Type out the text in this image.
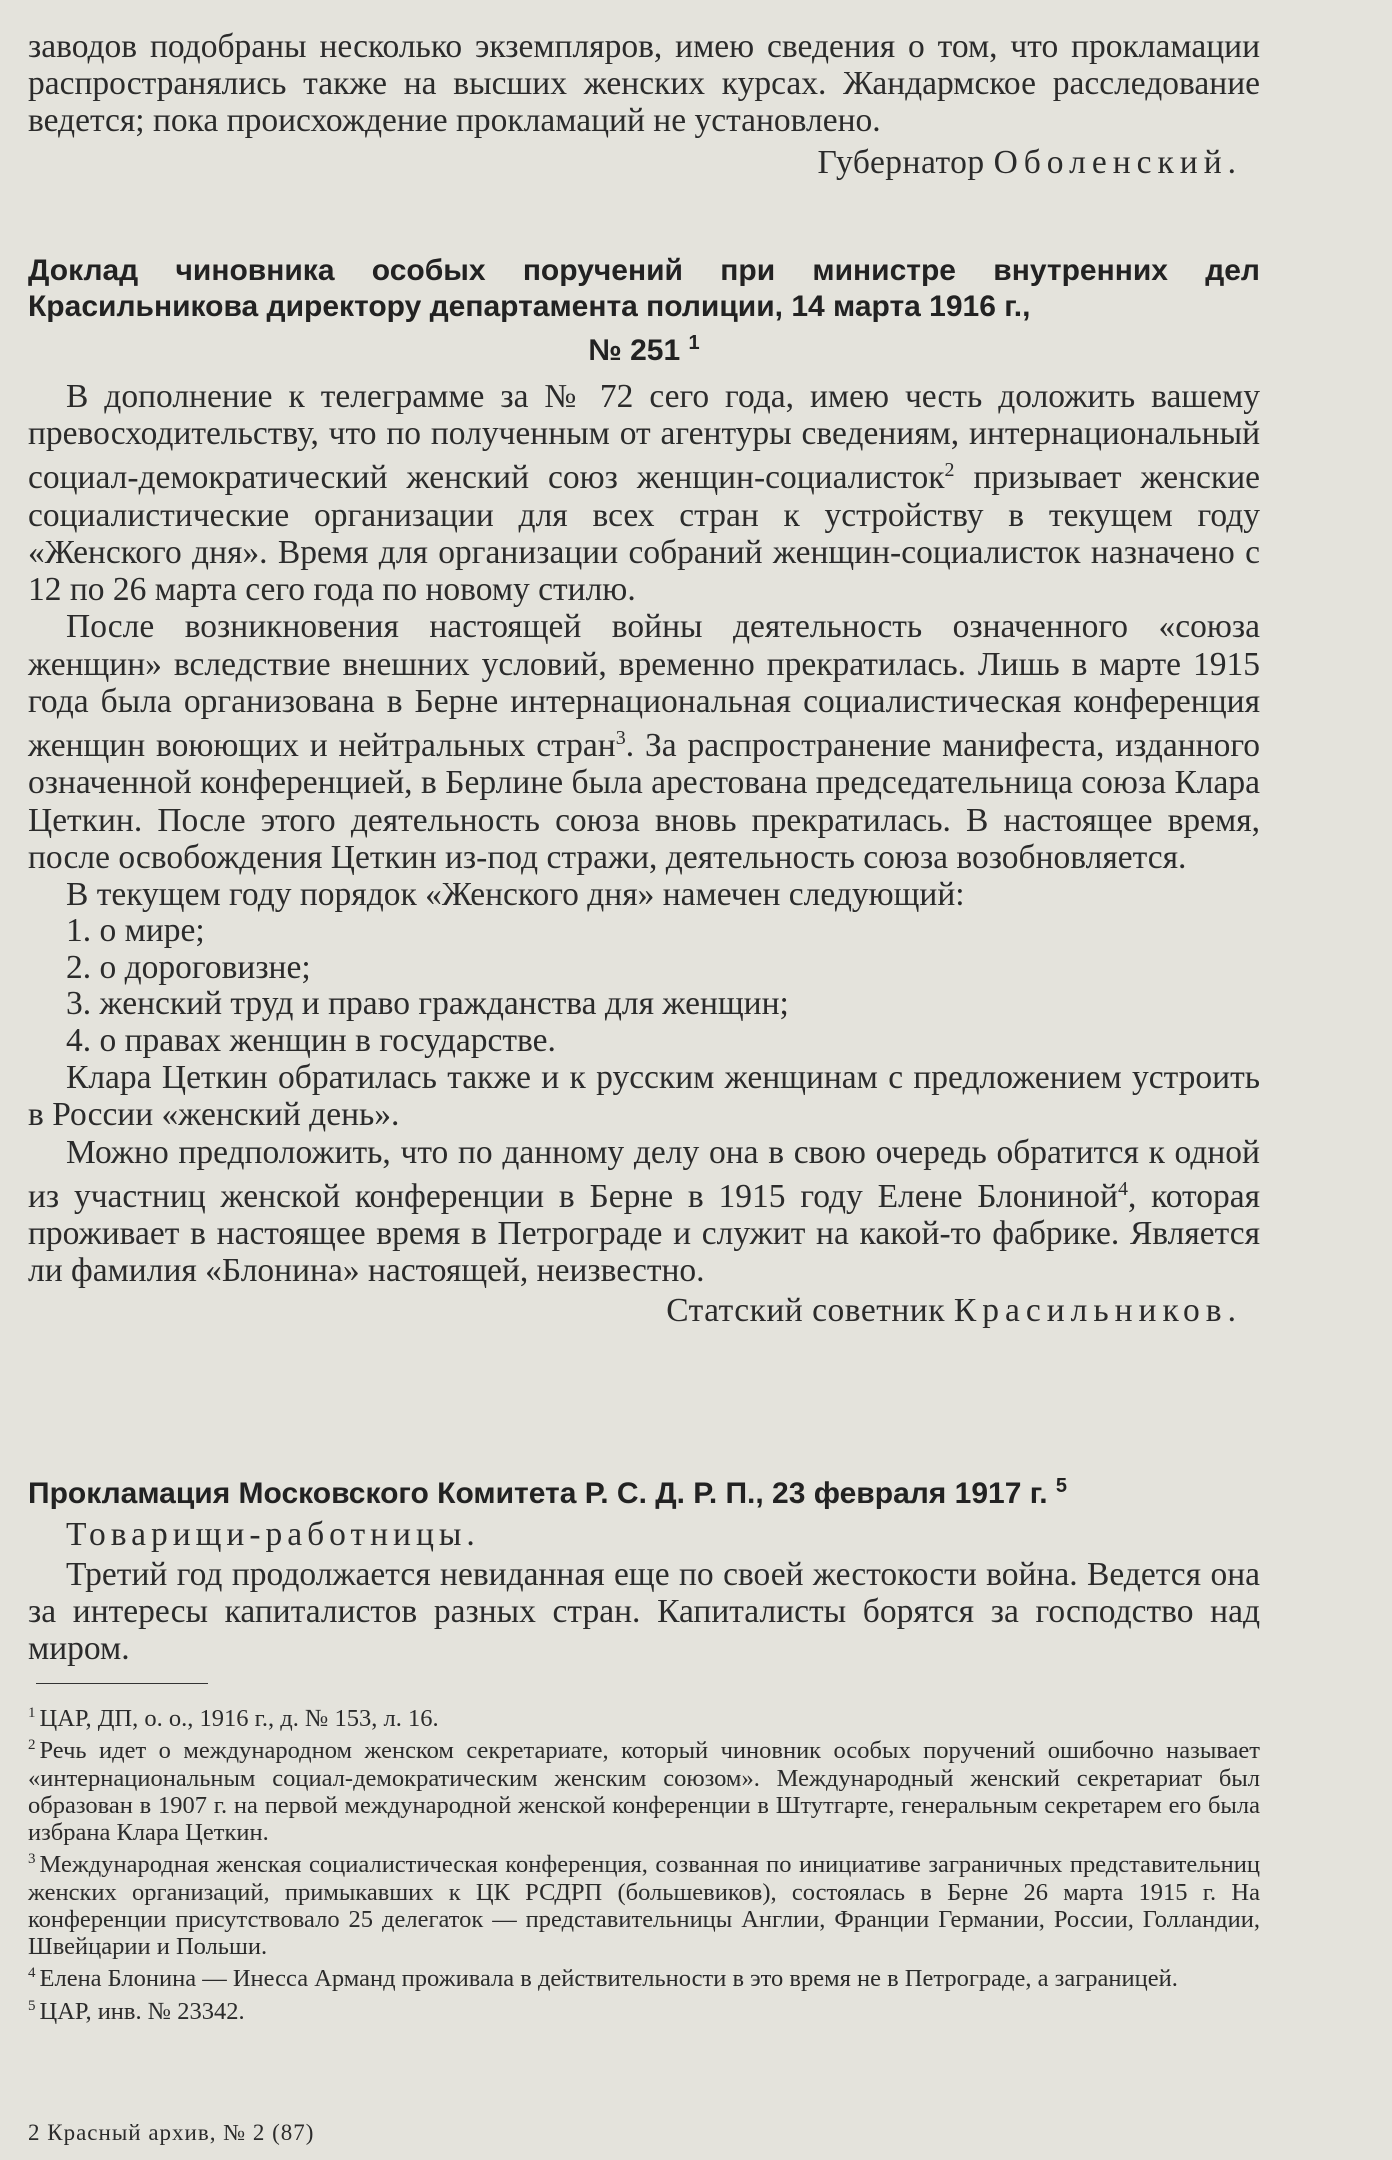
заводов подобраны несколько экземпляров, имею сведения о том, что прокламации распространялись также на высших женских курсах. Жандармское расследование ведется; пока происхождение прокламаций не установлено.

Губернатор Оболенский.

Доклад чиновника особых поручений при министре внутренних дел Красильникова директору департамента полиции, 14 марта 1916 г.,
№ 251 $^1$

В дополнение к телеграмме за № 72 сего года, имею честь доложить вашему превосходительству, что по полученным от агентуры сведениям, интернациональный социал-демократический женский союз женщин-социалисток$^2$ призывает женские социалистические организации для всех стран к устройству в текущем году «Женского дня». Время для организации собраний женщин-социалисток назначено с 12 по 26 марта сего года по новому стилю.

После возникновения настоящей войны деятельность означенного «союза женщин» вследствие внешних условий, временно прекратилась. Лишь в марте 1915 года была организована в Берне интернациональная социалистическая конференция женщин воюющих и нейтральных стран$^3$. За распространение манифеста, изданного означенной конференцией, в Берлине была арестована председательница союза Клара Цеткин. После этого деятельность союза вновь прекратилась. В настоящее время, после освобождения Цеткин из-под стражи, деятельность союза возобновляется.

В текущем году порядок «Женского дня» намечен следующий:

1. о мире;
2. о дороговизне;
3. женский труд и право гражданства для женщин;
4. о правах женщин в государстве.

Клара Цеткин обратилась также и к русским женщинам с предложением устроить в России «женский день».

Можно предположить, что по данному делу она в свою очередь обратится к одной из участниц женской конференции в Берне в 1915 году Елене Блониной$^4$, которая проживает в настоящее время в Петрограде и служит на какой-то фабрике. Является ли фамилия «Блонина» настоящей, неизвестно.

Статский советник Красильников.

Прокламация Московского Комитета Р. С. Д. Р. П., 23 февраля 1917 г. $^5$

Товарищи-работницы.

Третий год продолжается невиданная еще по своей жестокости война. Ведется она за интересы капиталистов разных стран. Капиталисты борятся за господство над миром.

$^1$ ЦАР, ДП, о. о., 1916 г., д. № 153, л. 16.

$^2$ Речь идет о международном женском секретариате, который чиновник особых поручений ошибочно называет «интернациональным социал-демократическим женским союзом». Международный женский секретариат был образован в 1907 г. на первой международной женской конференции в Штутгарте, генеральным секретарем его была избрана Клара Цеткин.

$^3$ Международная женская социалистическая конференция, созванная по инициативе заграничных представительниц женских организаций, примыкавших к ЦК РСДРП (большевиков), состоялась в Берне 26 марта 1915 г. На конференции присутствовало 25 делегаток — представительницы Англии, Франции Германии, России, Голландии, Швейцарии и Польши.

$^4$ Елена Блонина — Инесса Арманд проживала в действительности в это время не в Петрограде, а заграницей.

$^5$ ЦАР, инв. № 23342.

2 Красный архив, № 2 (87)
